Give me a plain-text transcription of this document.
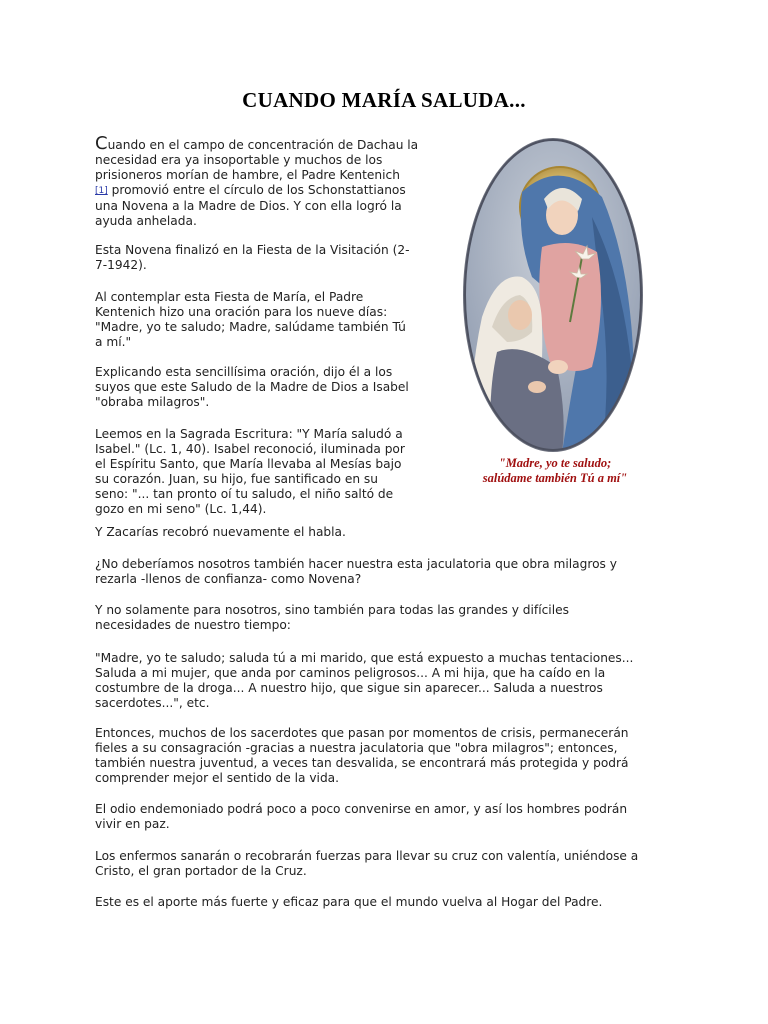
CUANDO MARÍA SALUDA...
Cuando en el campo de concentración de Dachau la
necesidad era ya insoportable y muchos de los
prisioneros morían de hambre, el Padre Kentenich
[1] promovió entre el círculo de los Schonstattianos
una Novena a la Madre de Dios. Y con ella logró la
ayuda anhelada.
Esta Novena finalizó en la Fiesta de la Visitación (2-
7-1942).
Al contemplar esta Fiesta de María, el Padre
Kentenich hizo una oración para los nueve días:
"Madre, yo te saludo; Madre, salúdame también Tú
a mí."
Explicando esta sencillísima oración, dijo él a los
suyos que este Saludo de la Madre de Dios a Isabel
"obraba milagros".
Leemos en la Sagrada Escritura: "Y María saludó a
Isabel." (Lc. 1, 40). Isabel reconoció, iluminada por
el Espíritu Santo, que María llevaba al Mesías bajo
su corazón. Juan, su hijo, fue santificado en su
seno: "... tan pronto oí tu saludo, el niño saltó de
gozo en mi seno" (Lc. 1,44).
Y Zacarías recobró nuevamente el habla.
¿No deberíamos nosotros también hacer nuestra esta jaculatoria que obra milagros y
rezarla -llenos de confianza- como Novena?
Y no solamente para nosotros, sino también para todas las grandes y difíciles
necesidades de nuestro tiempo:
"Madre, yo te saludo; saluda tú a mi marido, que está expuesto a muchas tentaciones...
Saluda a mi mujer, que anda por caminos peligrosos... A mi hija, que ha caído en la
costumbre de la droga... A nuestro hijo, que sigue sin aparecer... Saluda a nuestros
sacerdotes...", etc.
Entonces, muchos de los sacerdotes que pasan por momentos de crisis, permanecerán
fieles a su consagración -gracias a nuestra jaculatoria que "obra milagros"; entonces,
también nuestra juventud, a veces tan desvalida, se encontrará más protegida y podrá
comprender mejor el sentido de la vida.
El odio endemoniado podrá poco a poco convenirse en amor, y así los hombres podrán
vivir en paz.
Los enfermos sanarán o recobrarán fuerzas para llevar su cruz con valentía, uniéndose a
Cristo, el gran portador de la Cruz.
Este es el aporte más fuerte y eficaz para que el mundo vuelva al Hogar del Padre.
"Madre, yo te saludo;
salúdame también Tú a mí"
